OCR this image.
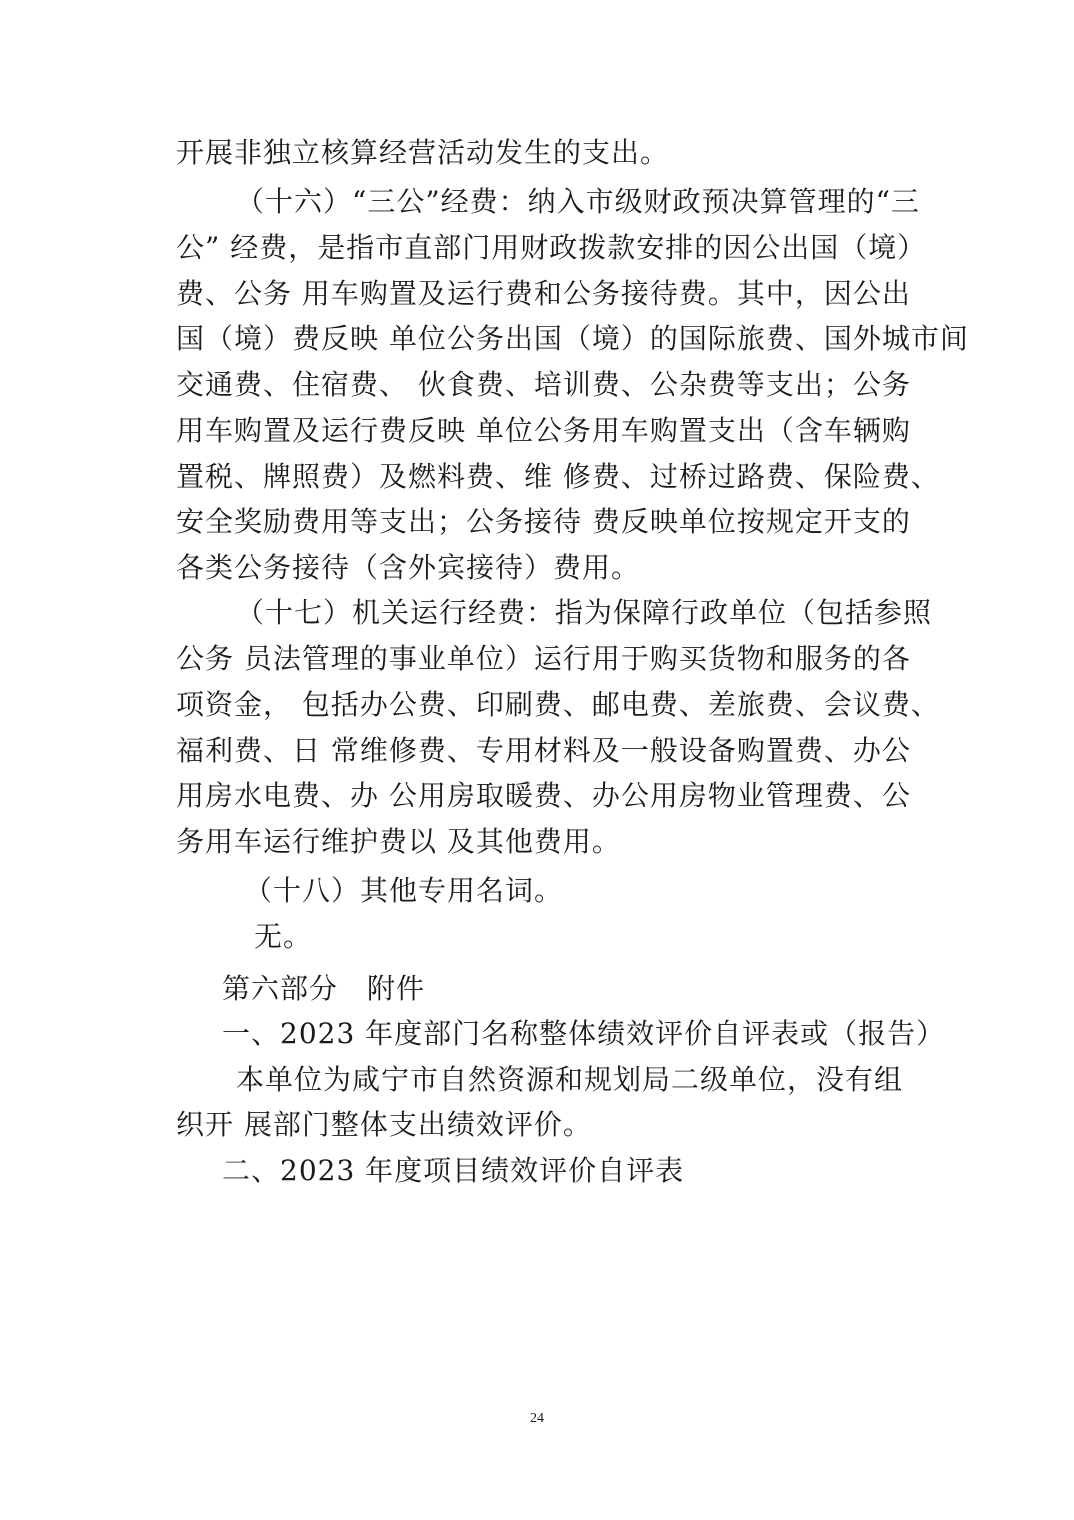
开展非独立核算经营活动发生的支出。
（十六）“三公”经费：纳入市级财政预决算管理的“三
公” 经费，是指市直部门用财政拨款安排的因公出国（境）
费、公务 用车购置及运行费和公务接待费。其中，因公出
国（境）费反映 单位公务出国（境）的国际旅费、国外城市间
交通费、住宿费、 伙食费、培训费、公杂费等支出；公务
用车购置及运行费反映 单位公务用车购置支出（含车辆购
置税、牌照费）及燃料费、维 修费、过桥过路费、保险费、
安全奖励费用等支出；公务接待 费反映单位按规定开支的
各类公务接待（含外宾接待）费用。
（十七）机关运行经费：指为保障行政单位（包括参照
公务 员法管理的事业单位）运行用于购买货物和服务的各
项资金， 包括办公费、印刷费、邮电费、差旅费、会议费、
福利费、日 常维修费、专用材料及一般设备购置费、办公
用房水电费、办 公用房取暖费、办公用房物业管理费、公
务用车运行维护费以 及其他费用。
（十八）其他专用名词。
无。
第六部分　附件
一、2023 年度部门名称整体绩效评价自评表或（报告）
本单位为咸宁市自然资源和规划局二级单位，没有组
织开 展部门整体支出绩效评价。
二、2023 年度项目绩效评价自评表
24
